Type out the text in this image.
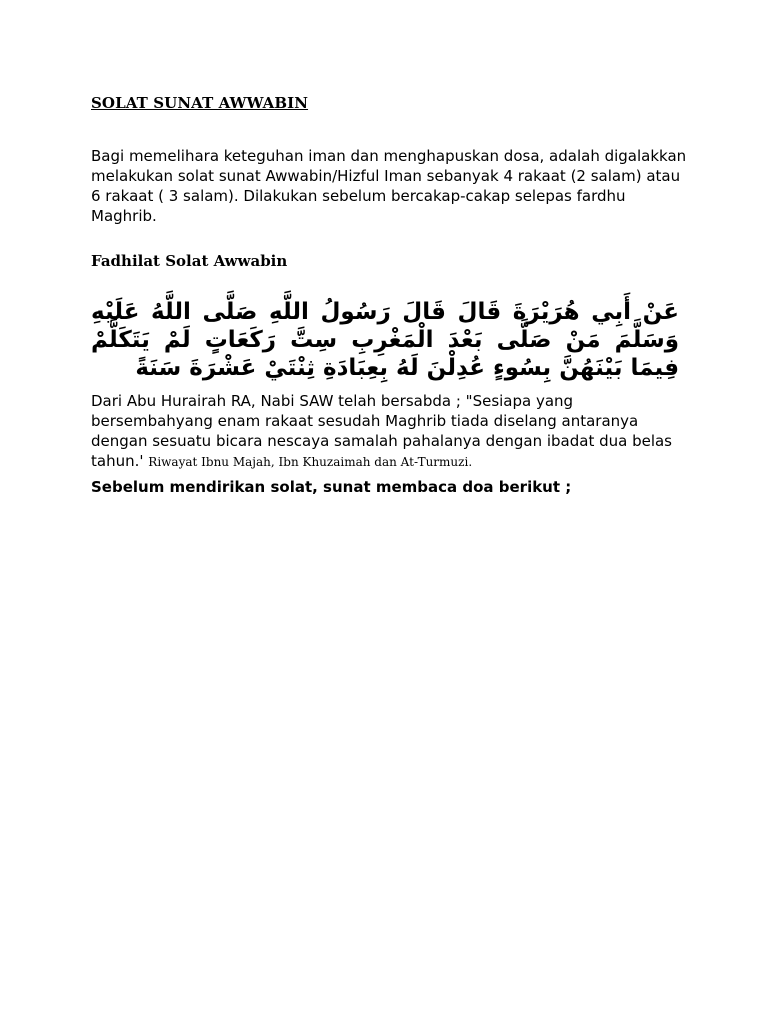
SOLAT SUNAT AWWABIN

Bagi memelihara keteguhan iman dan menghapuskan dosa, adalah digalakkan melakukan solat sunat Awwabin/Hizful Iman sebanyak 4 rakaat (2 salam) atau 6 rakaat ( 3 salam). Dilakukan sebelum bercakap-cakap selepas fardhu Maghrib.

Fadhilat Solat Awwabin

عَنْ أَبِي هُرَيْرَةَ قَالَ قَالَ رَسُولُ اللَّهِ صَلَّى اللَّهُ عَلَيْهِ وَسَلَّمَ مَنْ صَلَّى بَعْدَ الْمَغْرِبِ سِتَّ رَكَعَاتٍ لَمْ يَتَكَلَّمْ فِيمَا بَيْنَهُنَّ بِسُوءٍ عُدِلْنَ لَهُ بِعِبَادَةِ ثِنْتَيْ عَشْرَةَ سَنَةً

Dari Abu Hurairah RA, Nabi SAW telah bersabda ; "Sesiapa yang bersembahyang enam rakaat sesudah Maghrib tiada diselang antaranya dengan sesuatu bicara nescaya samalah pahalanya dengan ibadat dua belas tahun.' Riwayat Ibnu Majah, Ibn Khuzaimah dan At-Turmuzi.

Sebelum mendirikan solat, sunat membaca doa berikut ;
